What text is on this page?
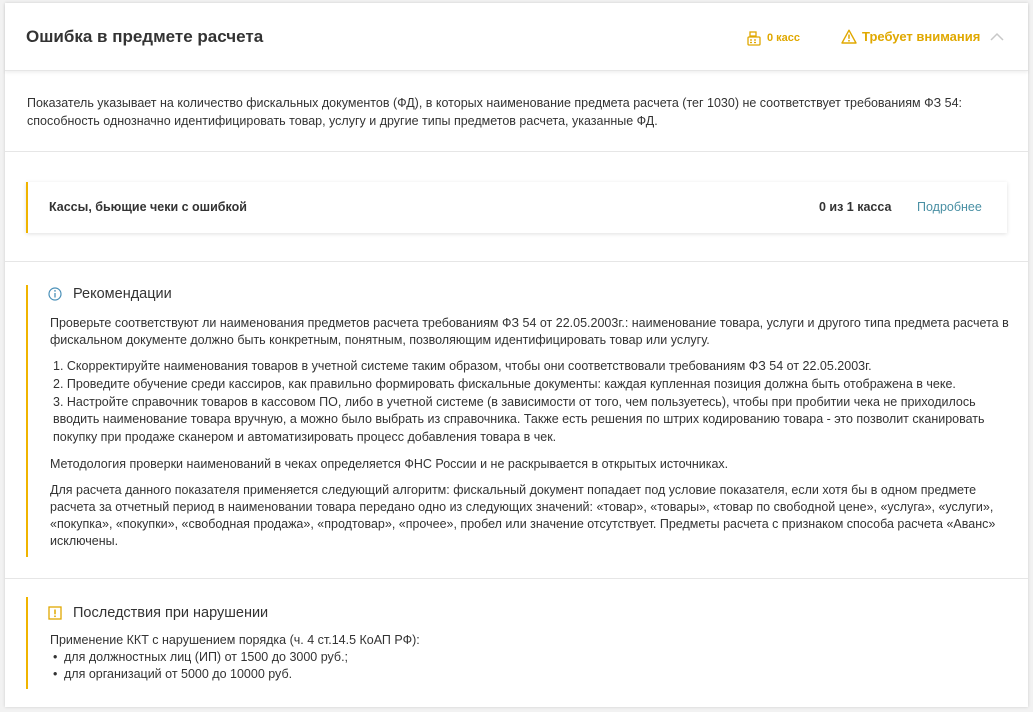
Ошибка в предмете расчета	0 касс	Требует внимания
Показатель указывает на количество фискальных документов (ФД), в которых наименование предмета расчета (тег 1030) не соответствует требованиям ФЗ 54: способность однозначно идентифицировать товар, услугу и другие типы предметов расчета, указанные ФД.
Кассы, бьющие чеки с ошибкой	0 из 1 касса Подробнее
Рекомендации

Проверьте соответствуют ли наименования предметов расчета требованиям ФЗ 54 от 22.05.2003г.: наименование товара, услуги и другого типа предмета расчета в фискальном документе должно быть конкретным, понятным, позволяющим идентифицировать товар или услугу.

1. Скорректируйте наименования товаров в учетной системе таким образом, чтобы они соответствовали требованиям ФЗ 54 от 22.05.2003г.
2. Проведите обучение среди кассиров, как правильно формировать фискальные документы: каждая купленная позиция должна быть отображена в чеке.
3. Настройте справочник товаров в кассовом ПО, либо в учетной системе (в зависимости от того, чем пользуетесь), чтобы при пробитии чека не приходилось вводить наименование товара вручную, а можно было выбрать из справочника. Также есть решения по штрих кодированию товара - это позволит сканировать покупку при продаже сканером и автоматизировать процесс добавления товара в чек.

Методология проверки наименований в чеках определяется ФНС России и не раскрывается в открытых источниках.

Для расчета данного показателя применяется следующий алгоритм: фискальный документ попадает под условие показателя, если хотя бы в одном предмете расчета за отчетный период в наименовании товара передано одно из следующих значений: «товар», «товары», «товар по свободной цене», «услуга», «услуги», «покупка», «покупки», «свободная продажа», «продтовар», «прочее», пробел или значение отсутствует. Предметы расчета с признаком способа расчета «Аванс» исключены.

Последствия при нарушении

Применение ККТ с нарушением порядка (ч. 4 ст.14.5 КоАП РФ):

• для должностных лиц (ИП) от 1500 до 3000 руб.;
• для организаций от 5000 до 10000 руб.
